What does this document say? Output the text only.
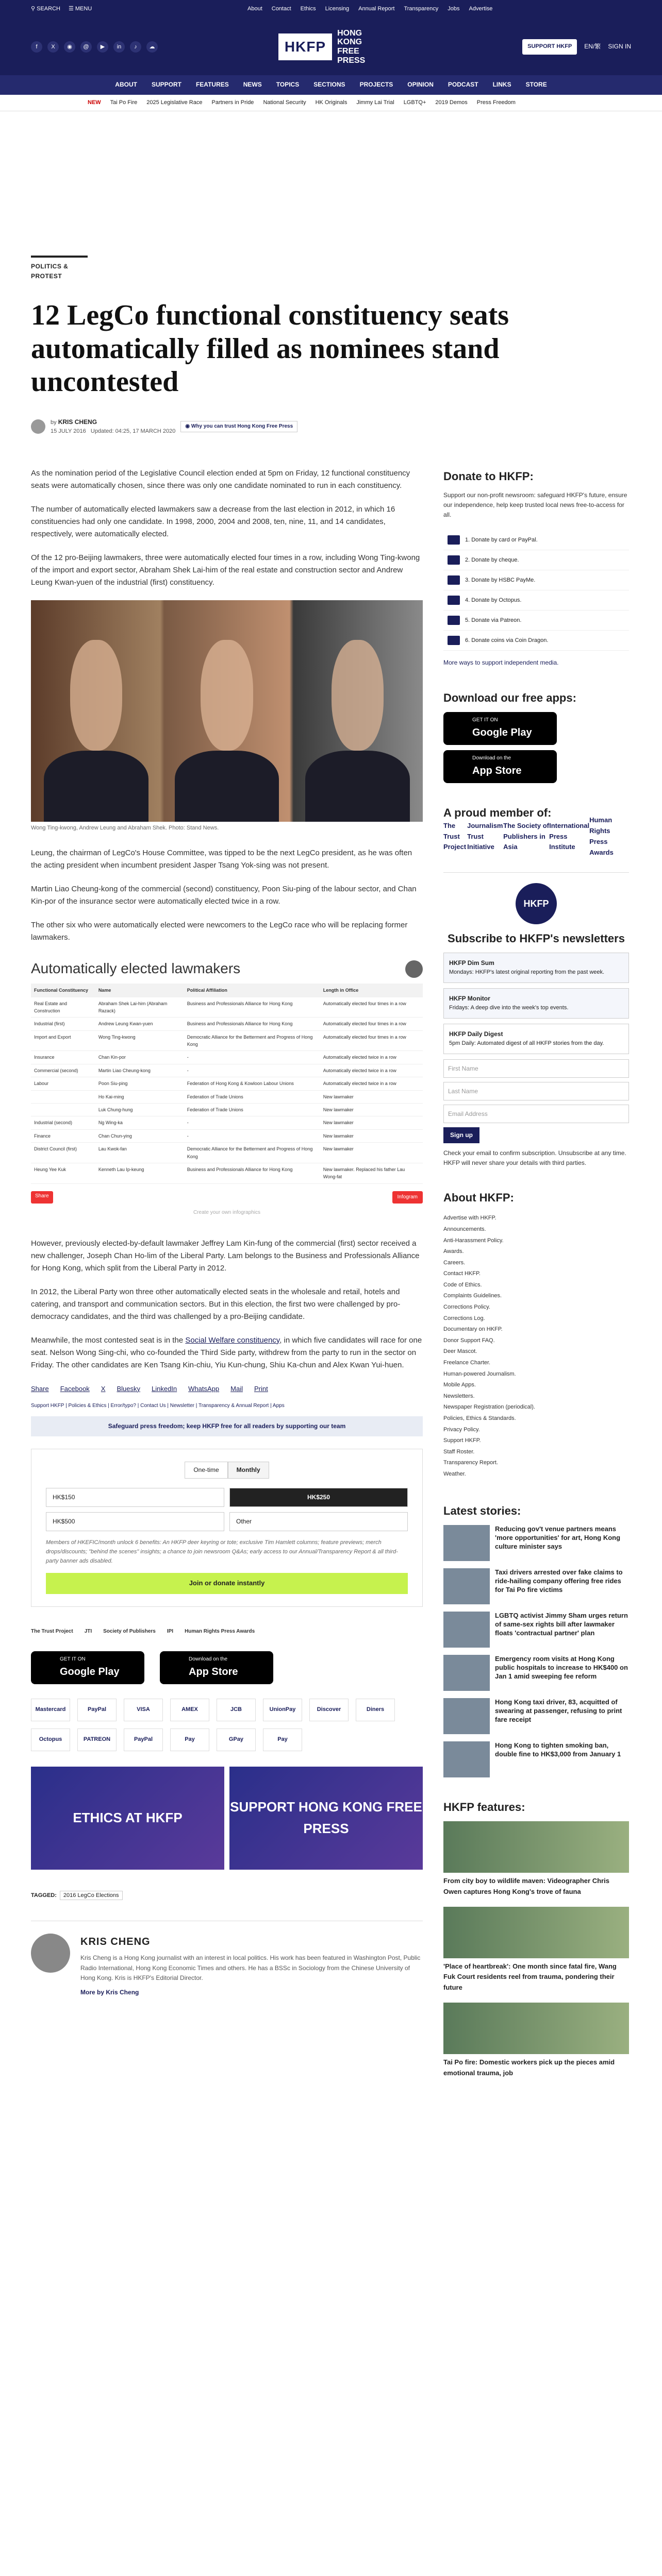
⚲ SEARCH ☰ MENU	About Contact Ethics Licensing Annual Report Transparency Jobs Advertise
f	X	◉	@	▶	in	♪	☁	HKFP
HONG KONG FREE PRESS
SUPPORT HKFP	EN/繁 SIGN IN
ABOUT SUPPORT FEATURES NEWS TOPICS SECTIONS PROJECTS OPINION PODCAST LINKS STORE
NEW Tai Po Fire 2025 Legislative Race Partners in Pride National Security HK Originals Jimmy Lai Trial LGBTQ+ 2019 Demos Press Freedom
POLITICS & PROTEST
12 LegCo functional constituency seats automatically filled as nominees stand uncontested
by KRIS CHENG
15 JULY 2016 Updated: 04:25, 17 MARCH 2020
◉ Why you can trust Hong Kong Free Press

As the nomination period of the Legislative Council election ended at 5pm on Friday, 12 functional constituency seats were automatically chosen, since there was only one candidate nominated to run in each constituency.

The number of automatically elected lawmakers saw a decrease from the last election in 2012, in which 16 constituencies had only one candidate. In 1998, 2000, 2004 and 2008, ten, nine, 11, and 14 candidates, respectively, were automatically elected.

Of the 12 pro-Beijing lawmakers, three were automatically elected four times in a row, including Wong Ting-kwong of the import and export sector, Abraham Shek Lai-him of the real estate and construction sector and Andrew Leung Kwan-yuen of the industrial (first) constituency.

Wong Ting-kwong, Andrew Leung and Abraham Shek. Photo: Stand News.

Leung, the chairman of LegCo's House Committee, was tipped to be the next LegCo president, as he was often the acting president when incumbent president Jasper Tsang Yok-sing was not present.

Martin Liao Cheung-kong of the commercial (second) constituency, Poon Siu-ping of the labour sector, and Chan Kin-por of the insurance sector were automatically elected twice in a row.

The other six who were automatically elected were newcomers to the LegCo race who will be replacing former lawmakers.

Automatically elected lawmakers
Functional Constituency	Name	Political Affiliation	Length in Office
Real Estate and Construction	Abraham Shek Lai-him (Abraham Razack)	Business and Professionals Alliance for Hong Kong	Automatically elected four times in a row
Industrial (first)	Andrew Leung Kwan-yuen	Business and Professionals Alliance for Hong Kong	Automatically elected four times in a row
Import and Export	Wong Ting-kwong	Democratic Alliance for the Betterment and Progress of Hong Kong	Automatically elected four times in a row
Insurance	Chan Kin-por	-	Automatically elected twice in a row
Commercial (second)	Martin Liao Cheung-kong	-	Automatically elected twice in a row
Labour	Poon Siu-ping	Federation of Hong Kong & Kowloon Labour Unions	Automatically elected twice in a row
	Ho Kai-ming	Federation of Trade Unions	New lawmaker
	Luk Chung-hung	Federation of Trade Unions	New lawmaker
Industrial (second)	Ng Wing-ka	-	New lawmaker
Finance	Chan Chun-ying	-	New lawmaker
District Council (first)	Lau Kwok-fan	Democratic Alliance for the Betterment and Progress of Hong Kong	New lawmaker
Heung Yee Kuk	Kenneth Lau Ip-keung	Business and Professionals Alliance for Hong Kong	New lawmaker. Replaced his father Lau Wong-fat
Share	Infogram
Create your own infographics

However, previously elected-by-default lawmaker Jeffrey Lam Kin-fung of the commercial (first) sector received a new challenger, Joseph Chan Ho-lim of the Liberal Party. Lam belongs to the Business and Professionals Alliance for Hong Kong, which split from the Liberal Party in 2012.

In 2012, the Liberal Party won three other automatically elected seats in the wholesale and retail, hotels and catering, and transport and communication sectors. But in this election, the first two were challenged by pro-democracy candidates, and the third was challenged by a pro-Beijing candidate.

Meanwhile, the most contested seat is in the Social Welfare constituency, in which five candidates will race for one seat. Nelson Wong Sing-chi, who co-founded the Third Side party, withdrew from the party to run in the sector on Friday. The other candidates are Ken Tsang Kin-chiu, Yiu Kun-chung, Shiu Ka-chun and Alex Kwan Yui-huen.

Share Facebook X Bluesky LinkedIn WhatsApp Mail Print
Support HKFP | Policies & Ethics | Error/typo? | Contact Us | Newsletter | Transparency & Annual Report | Apps
Safeguard press freedom; keep HKFP free for all readers by supporting our team
One-time	Monthly
HK$150	HK$250
HK$500	Other
Members of HKEFIC/month unlock 6 benefits: An HKFP deer keyring or tote; exclusive Tim Hamlett columns; feature previews; merch drops/discounts; "behind the scenes" insights; a chance to join newsroom Q&As; early access to our Annual/Transparency Report & all third-party banner ads disabled.
Join or donate instantly
The Trust Project JTI Society of Publishers IPI Human Rights Press Awards
GET IT ON
Google Play
Download on the
App Store
Mastercard	PayPal	VISA	AMEX	JCB	UnionPay	Discover	Diners
Octopus	PATREON	PayPal	Pay	GPay	Pay
ETHICS AT HKFP
SUPPORT HONG KONG FREE PRESS
TAGGED: 2016 LegCo Elections
KRIS CHENG

Kris Cheng is a Hong Kong journalist with an interest in local politics. His work has been featured in Washington Post, Public Radio International, Hong Kong Economic Times and others. He has a BSSc in Sociology from the Chinese University of Hong Kong. Kris is HKFP's Editorial Director.

More by Kris Cheng
Donate to HKFP:

Support our non-profit newsroom: safeguard HKFP's future, ensure our independence, help keep trusted local news free-to-access for all.

1. Donate by card or PayPal.
2. Donate by cheque.
3. Donate by HSBC PayMe.
4. Donate by Octopus.
5. Donate via Patreon.
6. Donate coins via Coin Dragon.

More ways to support independent media.

Download our free apps:
GET IT ON
Google Play
Download on the
App Store
A proud member of:
The Trust Project
Journalism Trust Initiative
The Society of Publishers in Asia
International Press Institute
Human Rights Press Awards
HKFP
Subscribe to HKFP's newsletters
HKFP Dim Sum
Mondays: HKFP's latest original reporting from the past week.
HKFP Monitor
Fridays: A deep dive into the week's top events.
HKFP Daily Digest
5pm Daily: Automated digest of all HKFP stories from the day.
First Name
Last Name
Email Address
Sign up

Check your email to confirm subscription. Unsubscribe at any time. HKFP will never share your details with third parties.

About HKFP:
Advertise with HKFP.
Announcements.
Anti-Harassment Policy.
Awards.
Careers.
Contact HKFP.
Code of Ethics.
Complaints Guidelines.
Corrections Policy.
Corrections Log.
Documentary on HKFP.
Donor Support FAQ.
Deer Mascot.
Freelance Charter.
Human-powered Journalism.
Mobile Apps.
Newsletters.
Newspaper Registration (periodical).
Policies, Ethics & Standards.
Privacy Policy.
Support HKFP.
Staff Roster.
Transparency Report.
Weather.
Latest stories:
Reducing gov't venue partners means 'more opportunities' for art, Hong Kong culture minister says
Taxi drivers arrested over fake claims to ride-hailing company offering free rides for Tai Po fire victims
LGBTQ activist Jimmy Sham urges return of same-sex rights bill after lawmaker floats 'contractual partner' plan
Emergency room visits at Hong Kong public hospitals to increase to HK$400 on Jan 1 amid sweeping fee reform
Hong Kong taxi driver, 83, acquitted of swearing at passenger, refusing to print fare receipt
Hong Kong to tighten smoking ban, double fine to HK$3,000 from January 1
HKFP features:
From city boy to wildlife maven: Videographer Chris Owen captures Hong Kong's trove of fauna
'Place of heartbreak': One month since fatal fire, Wang Fuk Court residents reel from trauma, pondering their future
Tai Po fire: Domestic workers pick up the pieces amid emotional trauma, job
